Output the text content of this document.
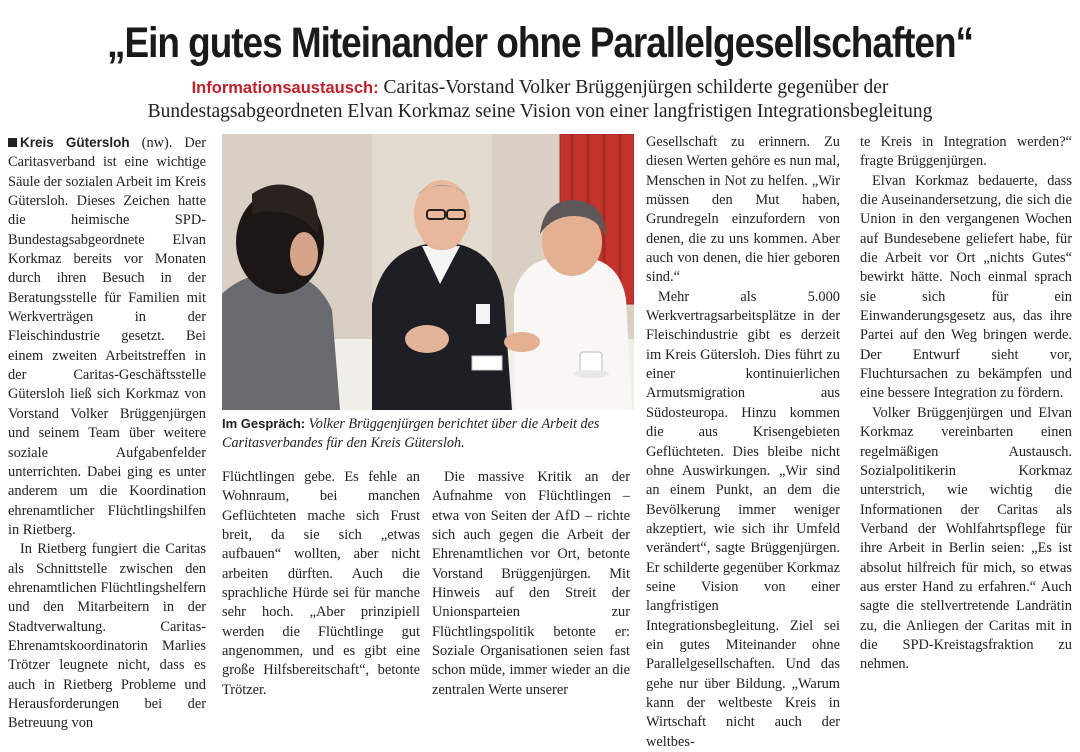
„Ein gutes Miteinander ohne Parallelgesellschaften“
Informationsaustausch: Caritas-Vorstand Volker Brüggenjürgen schilderte gegenüber der
Bundestagsabgeordneten Elvan Korkmaz seine Vision von einer langfristigen Integrationsbegleitung

Kreis Gütersloh (nw). Der Caritasverband ist eine wichtige Säule der sozialen Arbeit im Kreis Gütersloh. Dieses Zeichen hatte die heimische SPD-Bundestagsabgeordnete Elvan Korkmaz bereits vor Monaten durch ihren Besuch in der Beratungsstelle für Familien mit Werkverträgen in der Fleischindustrie gesetzt. Bei einem zweiten Arbeitstreffen in der Caritas-Geschäftsstelle Gütersloh ließ sich Korkmaz von Vorstand Volker Brüggenjürgen und seinem Team über weitere soziale Aufgabenfelder unterrichten. Dabei ging es unter anderem um die Koordination ehrenamtlicher Flüchtlingshilfen in Rietberg.

In Rietberg fungiert die Caritas als Schnittstelle zwischen den ehrenamtlichen Flüchtlingshelfern und den Mitarbeitern in der Stadtverwaltung. Caritas-Ehrenamtskoordinatorin Marlies Trötzer leugnete nicht, dass es auch in Rietberg Probleme und Herausforderungen bei der Betreuung von

Im Gespräch: Volker Brüggenjürgen berichtet über die Arbeit des Caritasverbandes für den Kreis Gütersloh.

Flüchtlingen gebe. Es fehle an Wohnraum, bei manchen Geflüchteten mache sich Frust breit, da sie sich „etwas aufbauen“ wollten, aber nicht arbeiten dürften. Auch die sprachliche Hürde sei für manche sehr hoch. „Aber prinzipiell werden die Flüchtlinge gut angenommen, und es gibt eine große Hilfsbereitschaft“, betonte Trötzer.

Die massive Kritik an der Aufnahme von Flüchtlingen – etwa von Seiten der AfD – richte sich auch gegen die Arbeit der Ehrenamtlichen vor Ort, betonte Vorstand Brüggenjürgen. Mit Hinweis auf den Streit der Unionsparteien zur Flüchtlingspolitik betonte er: Soziale Organisationen seien fast schon müde, immer wieder an die zentralen Werte unserer

Gesellschaft zu erinnern. Zu diesen Werten gehöre es nun mal, Menschen in Not zu helfen. „Wir müssen den Mut haben, Grundregeln einzufordern von denen, die zu uns kommen. Aber auch von denen, die hier geboren sind.“

Mehr als 5.000 Werkvertragsarbeitsplätze in der Fleischindustrie gibt es derzeit im Kreis Gütersloh. Dies führt zu einer kontinuierlichen Armutsmigration aus Südosteuropa. Hinzu kommen die aus Krisengebieten Geflüchteten. Dies bleibe nicht ohne Auswirkungen. „Wir sind an einem Punkt, an dem die Bevölkerung immer weniger akzeptiert, wie sich ihr Umfeld verändert“, sagte Brüggenjürgen. Er schilderte gegenüber Korkmaz seine Vision von einer langfristigen Integrationsbegleitung. Ziel sei ein gutes Miteinander ohne Parallelgesellschaften. Und das gehe nur über Bildung. „Warum kann der weltbeste Kreis in Wirtschaft nicht auch der weltbes-

te Kreis in Integration werden?“ fragte Brüggenjürgen.

Elvan Korkmaz bedauerte, dass die Auseinandersetzung, die sich die Union in den vergangenen Wochen auf Bundesebene geliefert habe, für die Arbeit vor Ort „nichts Gutes“ bewirkt hätte. Noch einmal sprach sie sich für ein Einwanderungsgesetz aus, das ihre Partei auf den Weg bringen werde. Der Entwurf sieht vor, Fluchtursachen zu bekämpfen und eine bessere Integration zu fördern.

Volker Brüggenjürgen und Elvan Korkmaz vereinbarten einen regelmäßigen Austausch. Sozialpolitikerin Korkmaz unterstrich, wie wichtig die Informationen der Caritas als Verband der Wohlfahrtspflege für ihre Arbeit in Berlin seien: „Es ist absolut hilfreich für mich, so etwas aus erster Hand zu erfahren.“ Auch sagte die stellvertretende Landrätin zu, die Anliegen der Caritas mit in die SPD-Kreistagsfraktion zu nehmen.
